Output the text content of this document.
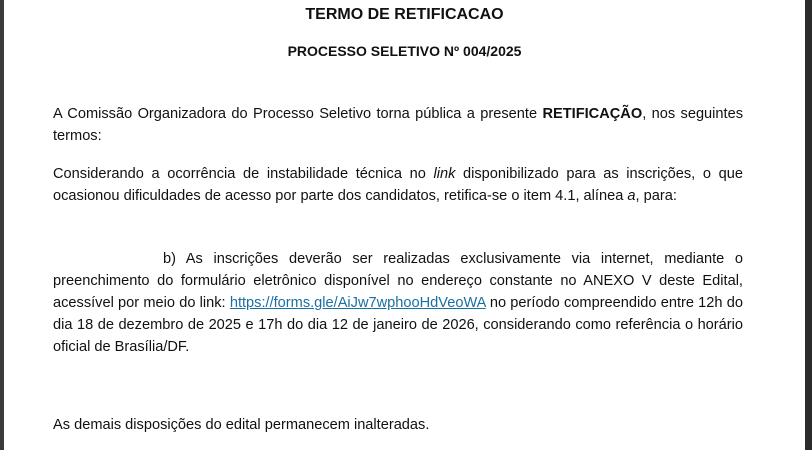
TERMO DE RETIFICACAO
PROCESSO SELETIVO Nº 004/2025

A Comissão Organizadora do Processo Seletivo torna pública a presente RETIFICAÇÃO, nos seguintes termos:

Considerando a ocorrência de instabilidade técnica no link disponibilizado para as inscrições, o que ocasionou dificuldades de acesso por parte dos candidatos, retifica-se o item 4.1, alínea a, para:

b) As inscrições deverão ser realizadas exclusivamente via internet, mediante o preenchimento do formulário eletrônico disponível no endereço constante no ANEXO V deste Edital, acessível por meio do link: https://forms.gle/AiJw7wphooHdVeoWA no período compreendido entre 12h do dia 18 de dezembro de 2025 e 17h do dia 12 de janeiro de 2026, considerando como referência o horário oficial de Brasília/DF.

As demais disposições do edital permanecem inalteradas.
